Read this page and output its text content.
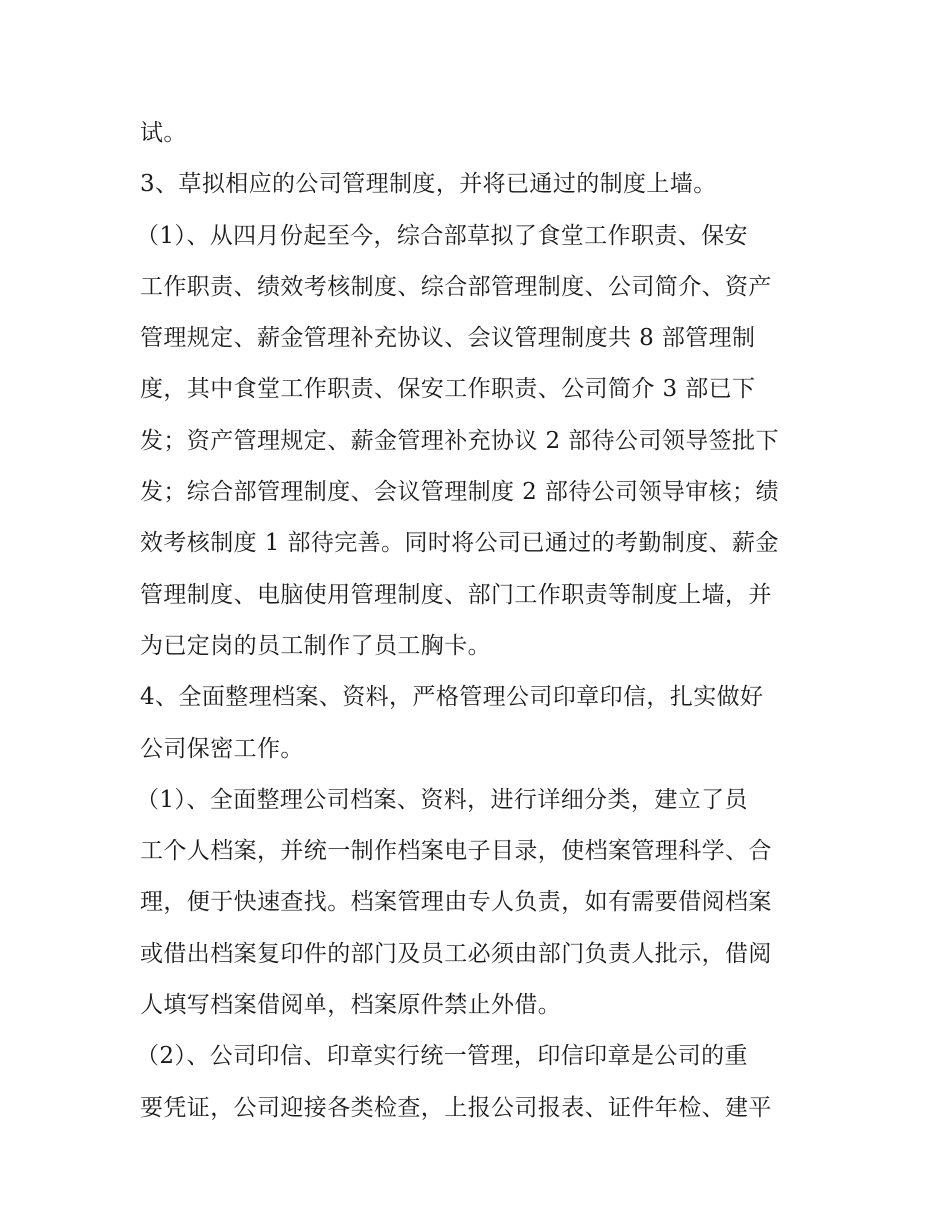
试。
3、草拟相应的公司管理制度，并将已通过的制度上墙。
（1）、从四月份起至今，综合部草拟了食堂工作职责、保安
工作职责、绩效考核制度、综合部管理制度、公司简介、资产
管理规定、薪金管理补充协议、会议管理制度共 8 部管理制
度，其中食堂工作职责、保安工作职责、公司简介 3 部已下
发；资产管理规定、薪金管理补充协议 2 部待公司领导签批下
发；综合部管理制度、会议管理制度 2 部待公司领导审核；绩
效考核制度 1 部待完善。同时将公司已通过的考勤制度、薪金
管理制度、电脑使用管理制度、部门工作职责等制度上墙，并
为已定岗的员工制作了员工胸卡。
4、全面整理档案、资料，严格管理公司印章印信，扎实做好
公司保密工作。
（1）、全面整理公司档案、资料，进行详细分类，建立了员
工个人档案，并统一制作档案电子目录，使档案管理科学、合
理，便于快速查找。档案管理由专人负责，如有需要借阅档案
或借出档案复印件的部门及员工必须由部门负责人批示，借阅
人填写档案借阅单，档案原件禁止外借。
（2）、公司印信、印章实行统一管理，印信印章是公司的重
要凭证，公司迎接各类检查，上报公司报表、证件年检、建平
